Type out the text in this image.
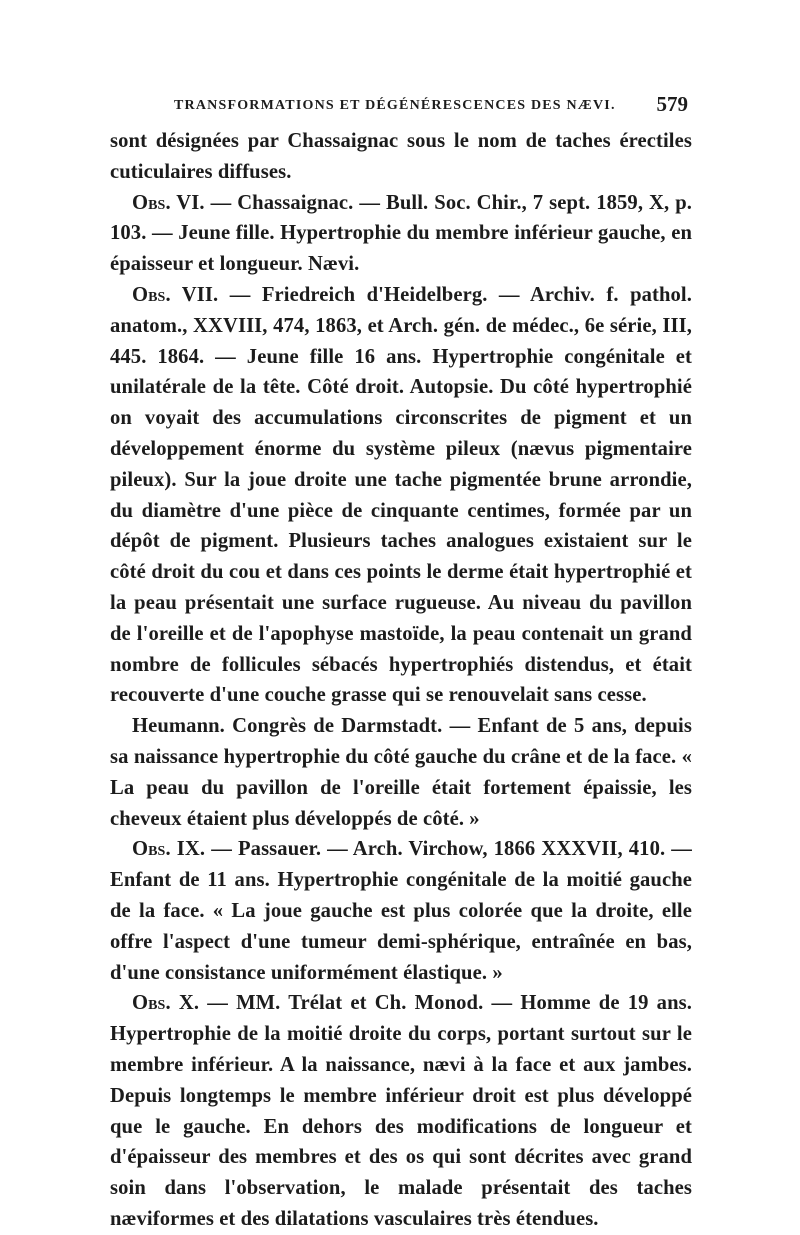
TRANSFORMATIONS ET DÉGÉNÉRESCENCES DES NÆVI. 579

sont désignées par Chassaignac sous le nom de taches érectiles cuticulaires diffuses.

Obs. VI. — Chassaignac. — Bull. Soc. Chir., 7 sept. 1859, X, p. 103. — Jeune fille. Hypertrophie du membre inférieur gauche, en épaisseur et longueur. Nævi.

Obs. VII. — Friedreich d'Heidelberg. — Archiv. f. pathol. anatom., XXVIII, 474, 1863, et Arch. gén. de médec., 6e série, III, 445. 1864. — Jeune fille 16 ans. Hypertrophie congénitale et unilatérale de la tête. Côté droit. Autopsie. Du côté hypertrophié on voyait des accumulations circonscrites de pigment et un développement énorme du système pileux (nævus pigmentaire pileux). Sur la joue droite une tache pigmentée brune arrondie, du diamètre d'une pièce de cinquante centimes, formée par un dépôt de pigment. Plusieurs taches analogues existaient sur le côté droit du cou et dans ces points le derme était hypertrophié et la peau présentait une surface rugueuse. Au niveau du pavillon de l'oreille et de l'apophyse mastoïde, la peau contenait un grand nombre de follicules sébacés hypertrophiés distendus, et était recouverte d'une couche grasse qui se renouvelait sans cesse.

Heumann. Congrès de Darmstadt. — Enfant de 5 ans, depuis sa naissance hypertrophie du côté gauche du crâne et de la face. « La peau du pavillon de l'oreille était fortement épaissie, les cheveux étaient plus développés de côté. »

Obs. IX. — Passauer. — Arch. Virchow, 1866 XXXVII, 410. — Enfant de 11 ans. Hypertrophie congénitale de la moitié gauche de la face. « La joue gauche est plus colorée que la droite, elle offre l'aspect d'une tumeur demi-sphérique, entraînée en bas, d'une consistance uniformément élastique. »

Obs. X. — MM. Trélat et Ch. Monod. — Homme de 19 ans. Hypertrophie de la moitié droite du corps, portant surtout sur le membre inférieur. A la naissance, nævi à la face et aux jambes. Depuis longtemps le membre inférieur droit est plus développé que le gauche. En dehors des modifications de longueur et d'épaisseur des membres et des os qui sont décrites avec grand soin dans l'observation, le malade présentait des taches næviformes et des dilatations vasculaires très étendues.
